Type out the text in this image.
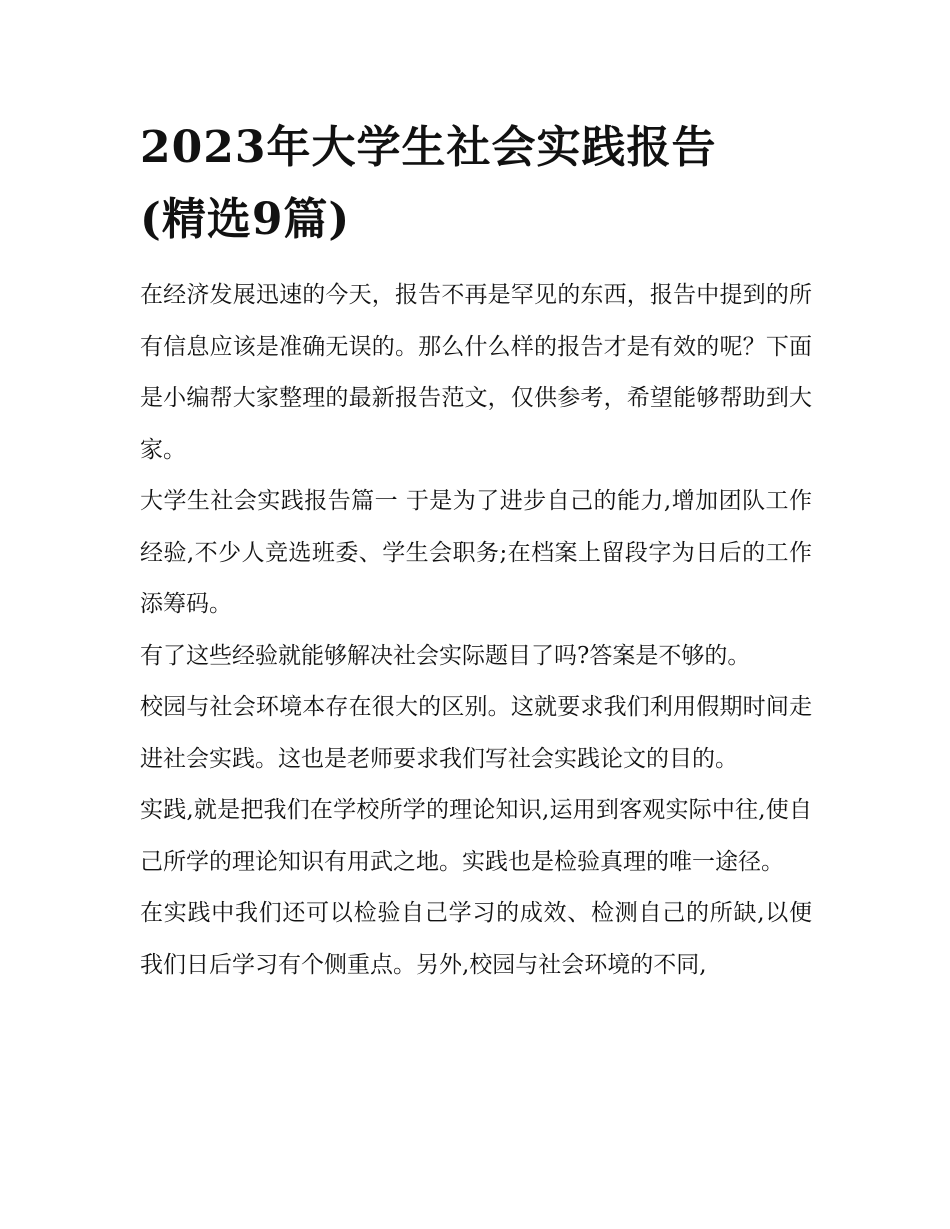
2023年大学生社会实践报告
(精选9篇)

在经济发展迅速的今天，报告不再是罕见的东西，报告中提到的所有信息应该是准确无误的。那么什么样的报告才是有效的呢？下面是小编帮大家整理的最新报告范文，仅供参考，希望能够帮助到大家。

大学生社会实践报告篇一 于是为了进步自己的能力,增加团队工作经验,不少人竞选班委、学生会职务;在档案上留段字为日后的工作添筹码。

有了这些经验就能够解决社会实际题目了吗?答案是不够的。

校园与社会环境本存在很大的区别。这就要求我们利用假期时间走进社会实践。这也是老师要求我们写社会实践论文的目的。

实践,就是把我们在学校所学的理论知识,运用到客观实际中往,使自己所学的理论知识有用武之地。实践也是检验真理的唯一途径。

在实践中我们还可以检验自己学习的成效、检测自己的所缺,以便我们日后学习有个侧重点。另外,校园与社会环境的不同,
